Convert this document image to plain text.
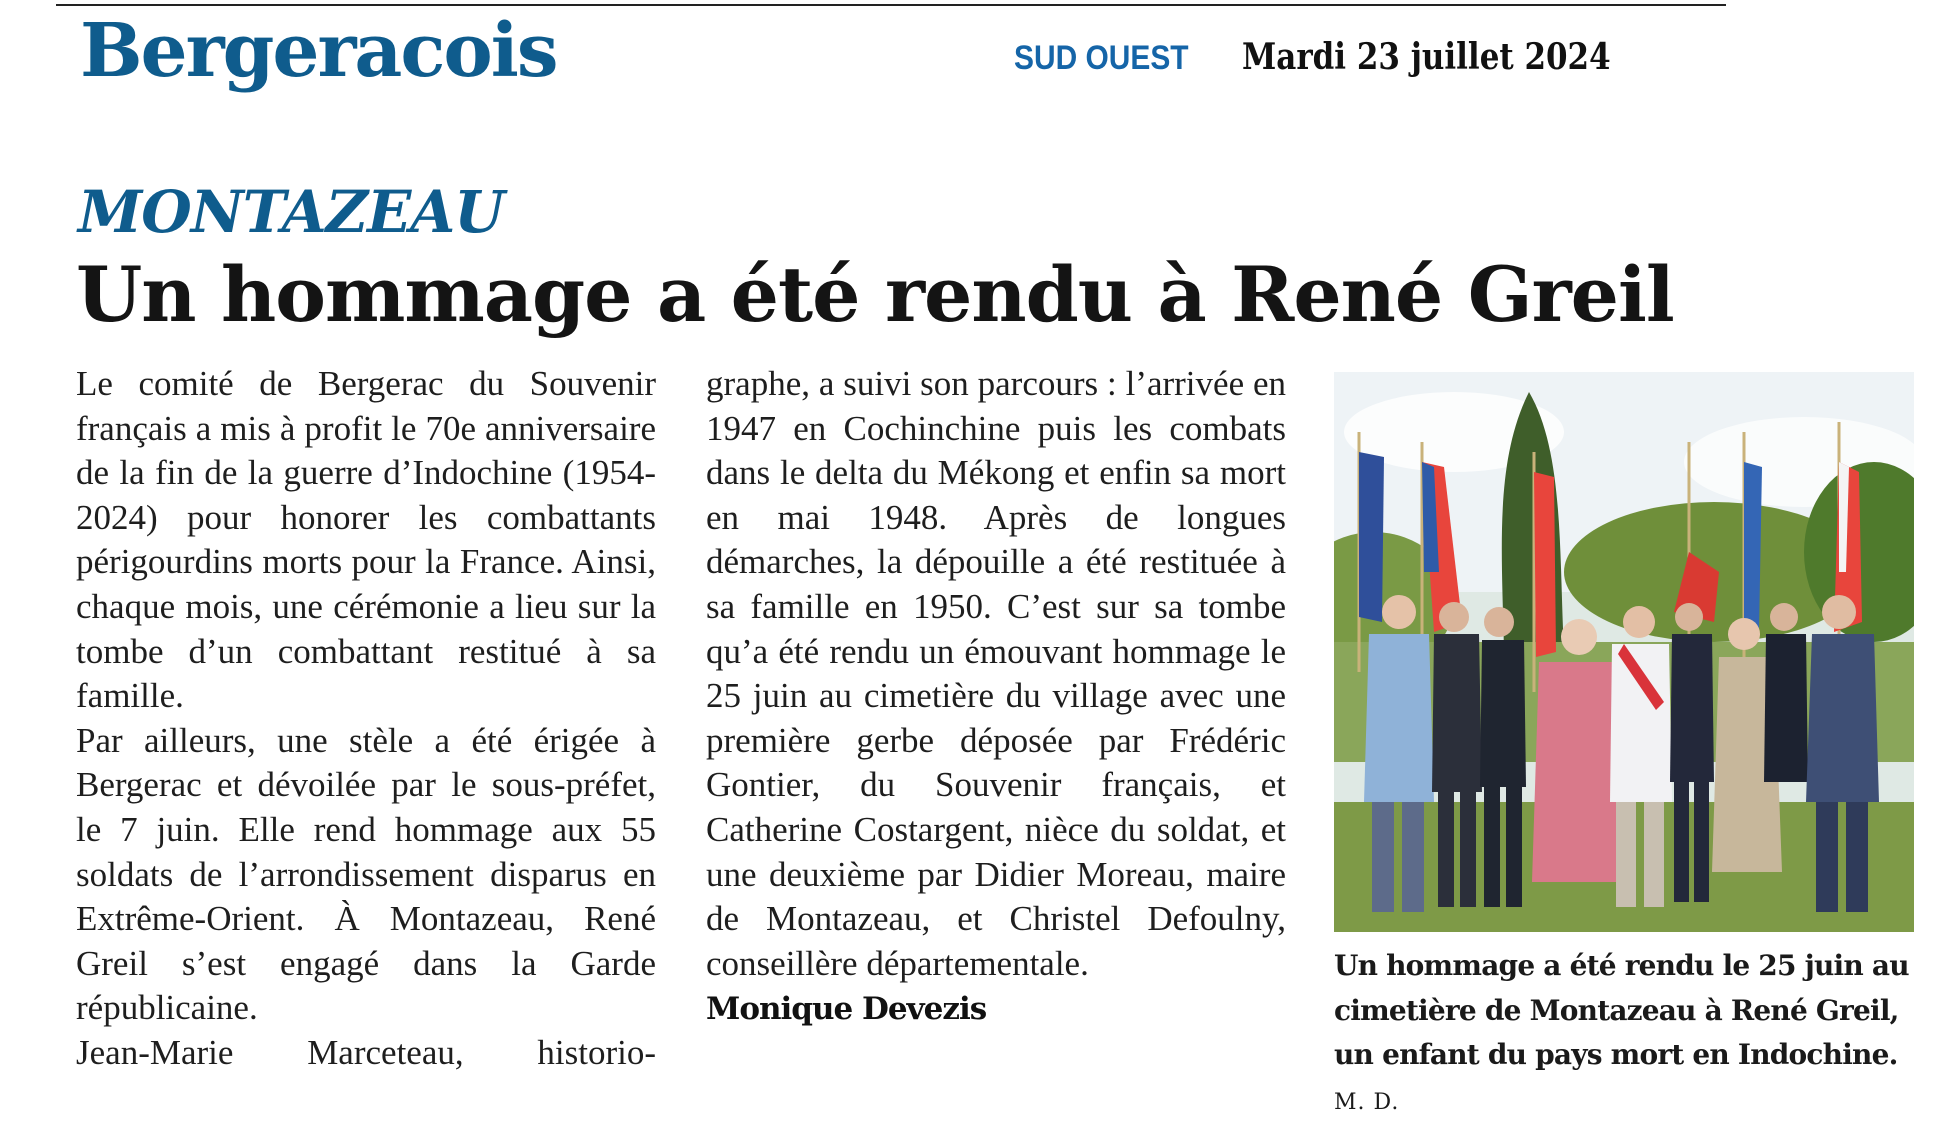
Bergeracois	SUD OUEST Mardi 23 juillet 2024
MONTAZEAU
Un hommage a été rendu à René Greil

Le comité de Bergerac du Souvenir français a mis à profit le 70e anniversaire de la fin de la guerre d’Indochine (1954-2024) pour honorer les combattants périgourdins morts pour la France. Ainsi, chaque mois, une cérémonie a lieu sur la tombe d’un combattant restitué à sa famille.

Par ailleurs, une stèle a été érigée à Bergerac et dévoilée par le sous-préfet, le 7 juin. Elle rend hommage aux 55 soldats de l’arrondissement disparus en Extrême-Orient. À Montazeau, René Greil s’est engagé dans la Garde républicaine.

Jean-Marie Marceteau, historio-

graphe, a suivi son parcours : l’arrivée en 1947 en Cochinchine puis les combats dans le delta du Mékong et enfin sa mort en mai 1948. Après de longues démarches, la dépouille a été restituée à sa famille en 1950. C’est sur sa tombe qu’a été rendu un émouvant hommage le 25 juin au cimetière du village avec une première gerbe déposée par Frédéric Gontier, du Souvenir français, et Catherine Costargent, nièce du soldat, et une deuxième par Didier Moreau, maire de Montazeau, et Christel Defoulny, conseillère départementale.

Monique Devezis

Un hommage a été rendu le 25 juin au cimetière de Montazeau à René Greil, un enfant du pays mort en Indochine. M. D.
